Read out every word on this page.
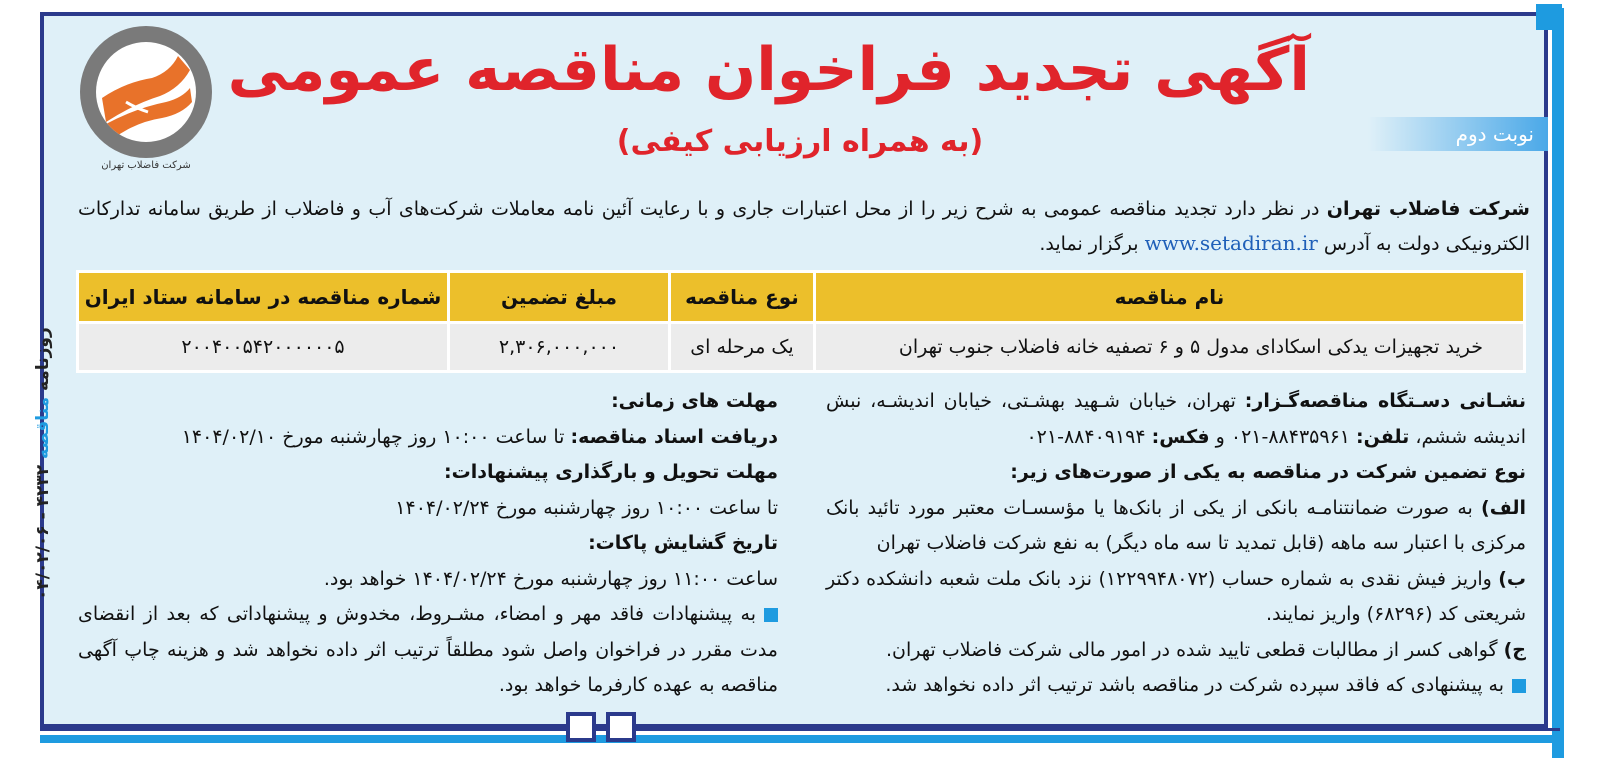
شرکت فاضلاب تهران
آگهی تجدید فراخوان مناقصه عمومی
(به همراه ارزیابی کیفی)	نوبت دوم
شرکت فاضلاب تهران در نظر دارد تجدید مناقصه عمومی به شرح زیر را از محل اعتبارات جاری و با رعایت آئین نامه معاملات شرکت‌های آب و فاضلاب از طریق سامانه تدارکات الکترونیکی دولت به آدرس www.setadiran.ir برگزار نماید.
نام مناقصه	نوع مناقصه	مبلغ تضمین	شماره مناقصه در سامانه ستاد ایران
خرید تجهیزات یدکی اسکادای مدول ۵ و ۶ تصفیه خانه فاضلاب جنوب تهران	یک مرحله ای	۲,۳۰۶,۰۰۰,۰۰۰	۲۰۰۴۰۰۵۴۲۰۰۰۰۰۰۵

نشـانی دسـتگاه مناقصه‌گـزار: تهران، خیابان شـهید بهشـتی، خیابان اندیشـه، نبش اندیشه ششم، تلفن: ۸۸۴۳۵۹۶۱-۰۲۱ و فکس: ۸۸۴۰۹۱۹۴-۰۲۱

نوع تضمین شرکت در مناقصه به یکی از صورت‌های زیر:

الف) به صورت ضمانتنامـه بانکی از یکی از بانک‌ها یا مؤسسـات معتبر مورد تائید بانک مرکزی با اعتبار سه ماهه (قابل تمدید تا سه ماه دیگر) به نفع شرکت فاضلاب تهران

ب) واریز فیش نقدی به شماره حساب (۱۲۲۹۹۴۸۰۷۲) نزد بانک ملت شعبه دانشکده دکتر شریعتی کد (۶۸۲۹۶) واریز نمایند.

ج) گواهی کسر از مطالبات قطعی تایید شده در امور مالی شرکت فاضلاب تهران.

به پیشنهادی که فاقد سپرده شرکت در مناقصه باشد ترتیب اثر داده نخواهد شد.

مهلت های زمانی:

دریافت اسناد مناقصه: تا ساعت ۱۰:۰۰ روز چهارشنبه مورخ ۱۴۰۴/۰۲/۱۰

مهلت تحویل و بارگذاری پیشنهادات:

تا ساعت ۱۰:۰۰ روز چهارشنبه مورخ ۱۴۰۴/۰۲/۲۴

تاریخ گشایش پاکات:

ساعت ۱۱:۰۰ روز چهارشنبه مورخ ۱۴۰۴/۰۲/۲۴ خواهد بود.

به پیشنهادات فاقد مهر و امضاء، مشـروط، مخدوش و پیشنهاداتی که بعد از انقضای مدت مقرر در فراخوان واصل شود مطلقاً ترتیب اثر داده نخواهد شد و هزینه چاپ آگهی مناقصه به عهده کارفرما خواهد بود.

روزنامه مناقصه ۴۲۳۲ - ۰۴/۰۲/۰۶
